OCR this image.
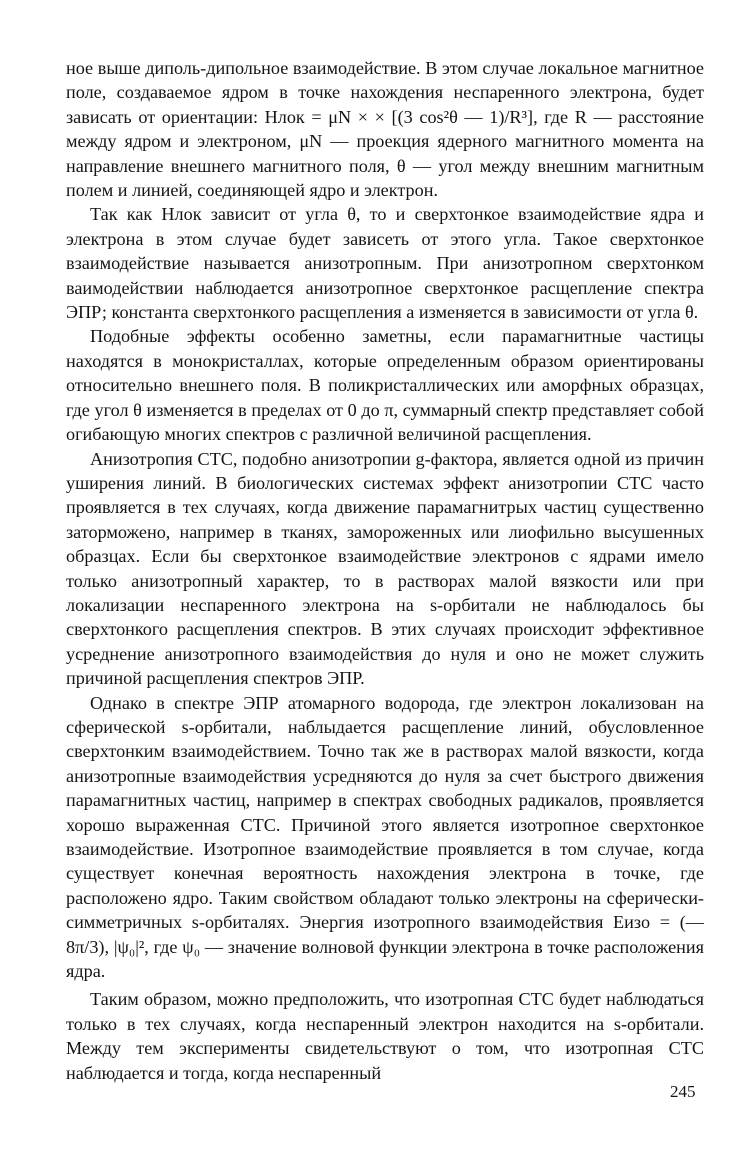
ное выше диполь-дипольное взаимодействие. В этом случае локальное магнитное поле, создаваемое ядром в точке нахождения неспаренного электрона, будет зависать от ориентации: Hлок = μN × × [(3 cos²θ — 1)/R³], где R — расстояние между ядром и электроном, μN — проекция ядерного магнитного момента на направление внешнего магнитного поля, θ — угол между внешним магнитным полем и линией, соединяющей ядро и электрон.

Так как Hлок зависит от угла θ, то и сверхтонкое взаимодействие ядра и электрона в этом случае будет зависеть от этого угла. Такое сверхтонкое взаимодействие называется анизотропным. При анизотропном сверхтонком ваимодействии наблюдается анизотропное сверхтонкое расщепление спектра ЭПР; константа сверхтонкого расщепления a изменяется в зависимости от угла θ.

Подобные эффекты особенно заметны, если парамагнитные частицы находятся в монокристаллах, которые определенным образом ориентированы относительно внешнего поля. В поликристаллических или аморфных образцах, где угол θ изменяется в пределах от 0 до π, суммарный спектр представляет собой огибающую многих спектров с различной величиной расщепления.

Анизотропия СТС, подобно анизотропии g-фактора, является одной из причин уширения линий. В биологических системах эффект анизотропии СТС часто проявляется в тех случаях, когда движение парамагнитрых частиц существенно заторможено, например в тканях, замороженных или лиофильно высушенных образцах. Если бы сверхтонкое взаимодействие электронов с ядрами имело только анизотропный характер, то в растворах малой вязкости или при локализации неспаренного электрона на s-орбитали не наблюдалось бы сверхтонкого расщепления спектров. В этих случаях происходит эффективное усреднение анизотропного взаимодействия до нуля и оно не может служить причиной расщепления спектров ЭПР.

Однако в спектре ЭПР атомарного водорода, где электрон локализован на сферической s-орбитали, наблыдается расщепление линий, обусловленное сверхтонким взаимодействием. Точно так же в растворах малой вязкости, когда анизотропные взаимодействия усредняются до нуля за счет быстрого движения парамагнитных частиц, например в спектрах свободных радикалов, проявляется хорошо выраженная СТС. Причиной этого является изотропное сверхтонкое взаимодействие. Изотропное взаимодействие проявляется в том случае, когда существует конечная вероятность нахождения электрона в точке, где расположено ядро. Таким свойством обладают только электроны на сферически-симметричных s-орбиталях. Энергия изотропного взаимодействия Eизо = (— 8π/3), |ψ₀|², где ψ₀ — значение волновой функции электрона в точке расположения ядра.

Таким образом, можно предположить, что изотропная СТС будет наблюдаться только в тех случаях, когда неспаренный электрон находится на s-орбитали. Между тем эксперименты свидетельствуют о том, что изотропная СТС наблюдается и тогда, когда неспаренный

245
